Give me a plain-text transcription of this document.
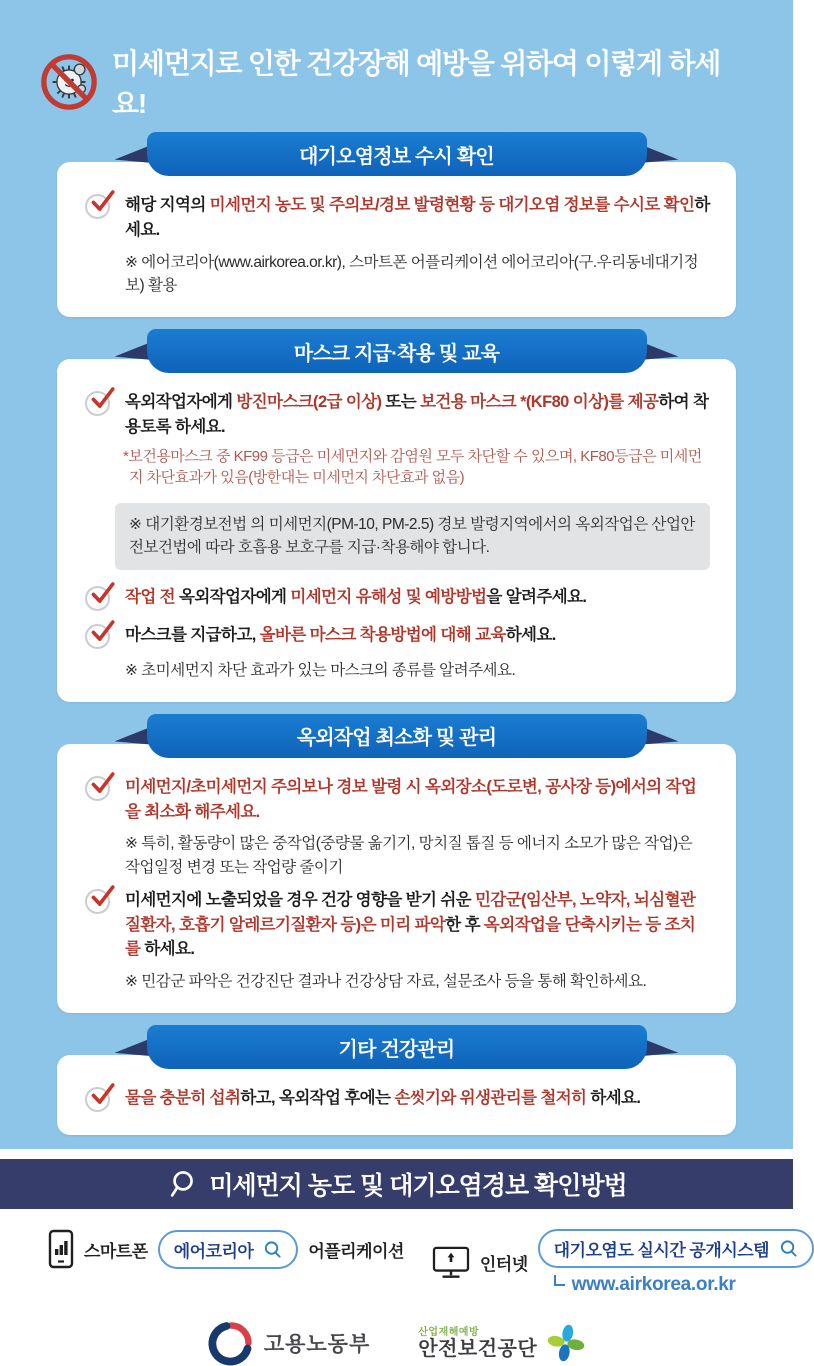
미세먼지로 인한 건강장해 예방을 위하여 이렇게 하세요!
대기오염정보 수시 확인

해당 지역의 미세먼지 농도 및 주의보/경보 발령현황 등 대기오염 정보를 수시로 확인하세요.

※ 에어코리아(www.airkorea.or.kr), 스마트폰 어플리케이션 에어코리아(구.우리동네대기정보) 활용
마스크 지급·착용 및 교육

옥외작업자에게 방진마스크(2급 이상) 또는 보건용 마스크 *(KF80 이상)를 제공하여 착용토록 하세요.

*보건용마스크 중 KF99 등급은 미세먼지와 감염원 모두 차단할 수 있으며, KF80등급은 미세먼지 차단효과가 있음(방한대는 미세먼지 차단효과 없음)
※ 대기환경보전법 의 미세먼지(PM-10, PM-2.5) 경보 발령지역에서의 옥외작업은 산업안전보건법에 따라 호흡용 보호구를 지급·착용해야 합니다.

작업 전 옥외작업자에게 미세먼지 유해성 및 예방방법을 알려주세요.

마스크를 지급하고, 올바른 마스크 착용방법에 대해 교육하세요.

※ 초미세먼지 차단 효과가 있는 마스크의 종류를 알려주세요.
옥외작업 최소화 및 관리

미세먼지/초미세먼지 주의보나 경보 발령 시 옥외장소(도로변, 공사장 등)에서의 작업을 최소화 해주세요.

※ 특히, 활동량이 많은 중작업(중량물 옮기기, 망치질 톱질 등 에너지 소모가 많은 작업)은 작업일정 변경 또는 작업량 줄이기

미세먼지에 노출되었을 경우 건강 영향을 받기 쉬운 민감군(임산부, 노약자, 뇌심혈관질환자, 호흡기 알레르기질환자 등)은 미리 파악한 후 옥외작업을 단축시키는 등 조치를 하세요.

※ 민감군 파악은 건강진단 결과나 건강상담 자료, 설문조사 등을 통해 확인하세요.
기타 건강관리

물을 충분히 섭취하고, 옥외작업 후에는 손씻기와 위생관리를 철저히 하세요.

미세먼지 농도 및 대기오염경보 확인방법
스마트폰 에어코리아	어플리케이션
인터넷
대기오염도 실시간 공개시스템
www.airkorea.or.kr
고용노동부
산업재해예방
안전보건공단
